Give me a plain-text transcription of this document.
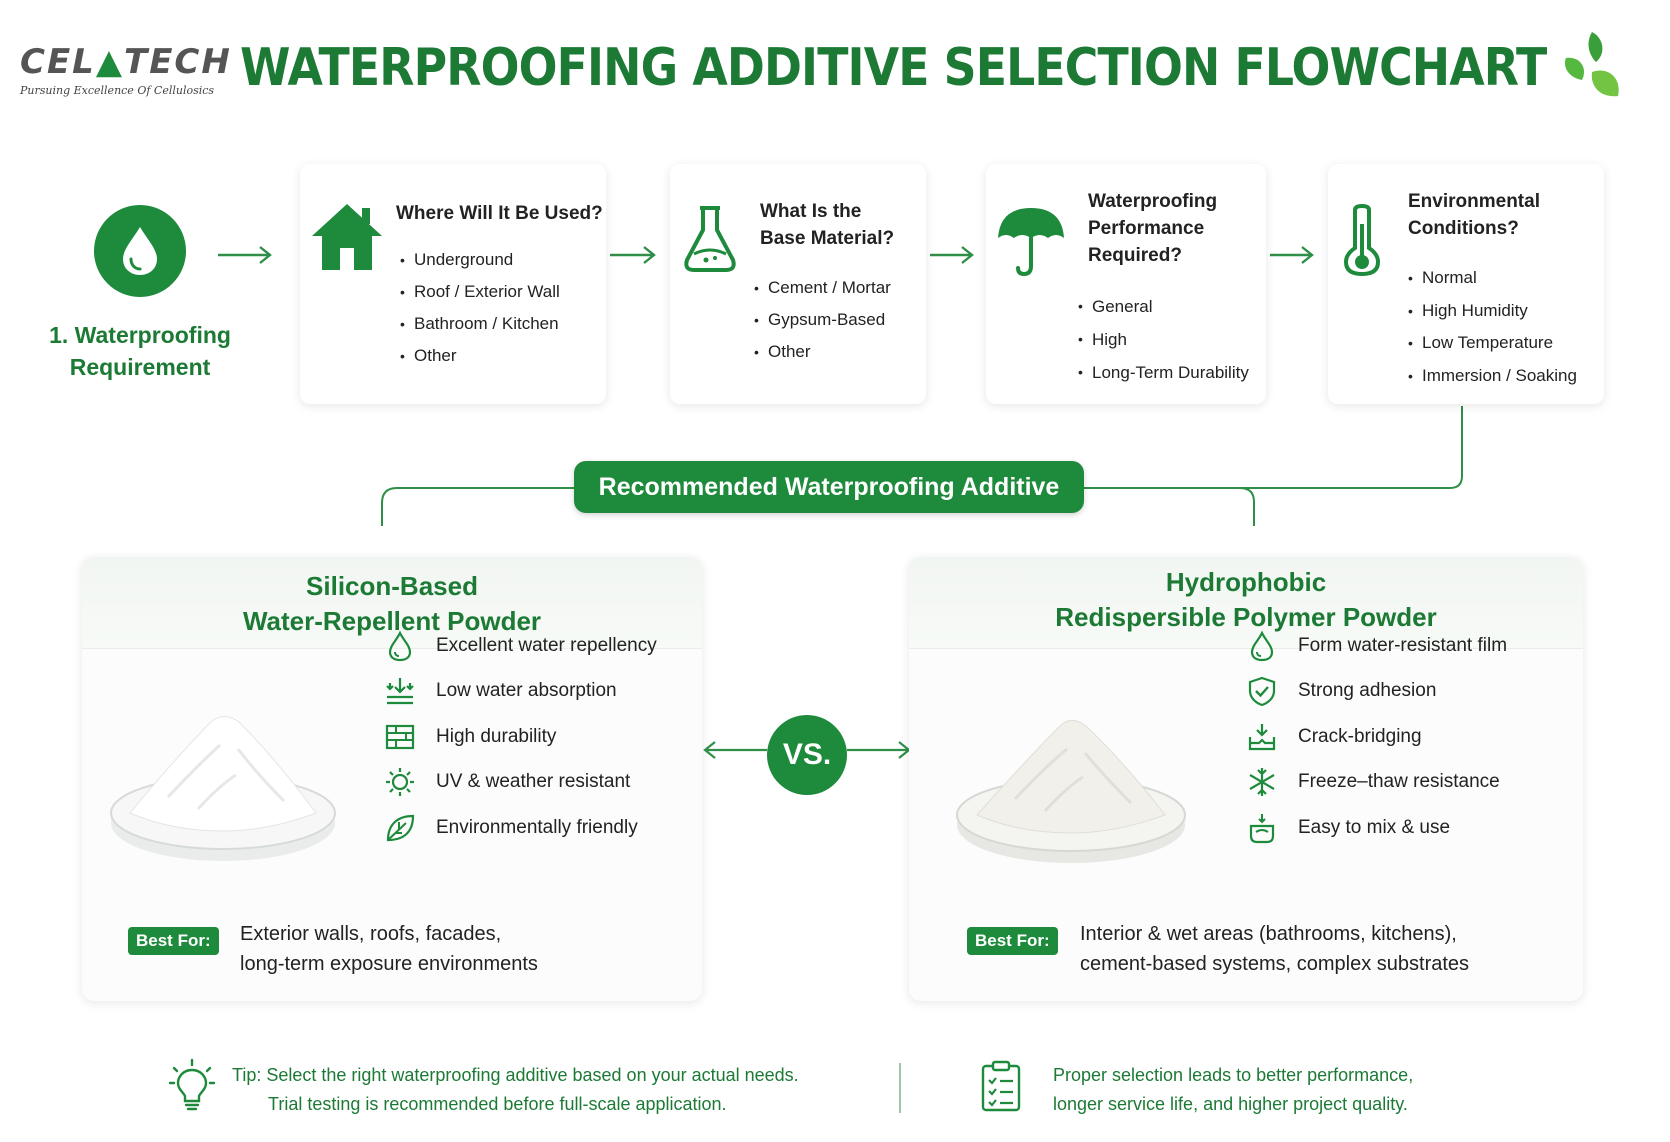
CEL▲TECH
Pursuing Excellence Of Cellulosics WATERPROOFING ADDITIVE SELECTION FLOWCHART
1. Waterproofing
Requirement
Where Will It Be Used?
• Underground
• Roof / Exterior Wall
• Bathroom / Kitchen
• Other
What Is the
Base Material?
• Cement / Mortar
• Gypsum-Based
• Other
Waterproofing
Performance
Required?
• General
• High
• Long-Term Durability
Environmental
Conditions?
• Normal
• High Humidity
• Low Temperature
• Immersion / Soaking
Recommended Waterproofing Additive
Silicon-Based
Water-Repellent Powder
Excellent water repellency
Low water absorption
High durability
UV & weather resistant
Environmentally friendly
Best For:	Exterior walls, roofs, facades,
long-term exposure environments
VS.
Hydrophobic
Redispersible Polymer Powder
Form water-resistant film
Strong adhesion
Crack-bridging
Freeze–thaw resistance
Easy to mix & use
Best For:	Interior & wet areas (bathrooms, kitchens),
cement-based systems, complex substrates
Tip: Select the right waterproofing additive based on your actual needs.
Trial testing is recommended before full-scale application.
Proper selection leads to better performance,
longer service life, and higher project quality.
